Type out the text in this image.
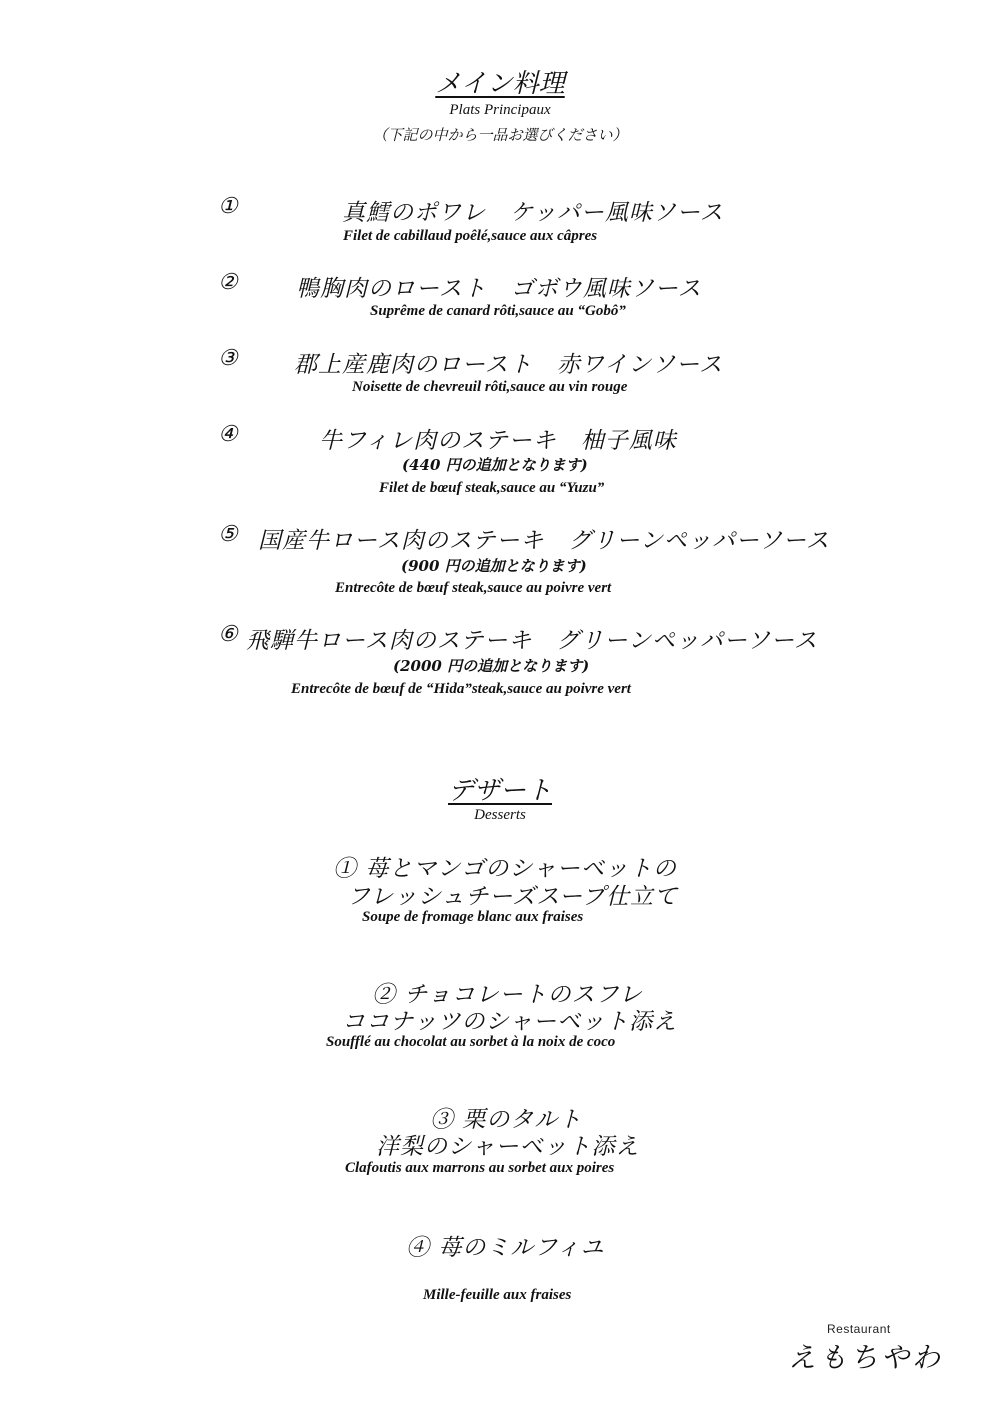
メイン料理
Plats Principaux
（下記の中から一品お選びください）
①	真鱈のポワレ　ケッパー風味ソース
Filet de cabillaud poêlé,sauce aux câpres
②	鴨胸肉のロースト　ゴボウ風味ソース
Suprême de canard rôti,sauce au “Gobô”
③ 郡上産鹿肉のロースト　赤ワインソース
Noisette de chevreuil rôti,sauce au vin rouge
④	牛フィレ肉のステーキ　柚子風味
(440 円の追加となります)
Filet de bœuf steak,sauce au “Yuzu”
⑤ 国産牛ロース肉のステーキ　グリーンペッパーソース
(900 円の追加となります)
Entrecôte de bœuf steak,sauce au poivre vert
⑥ 飛騨牛ロース肉のステーキ　グリーンペッパーソース
(2000 円の追加となります)
Entrecôte de bœuf de “Hida”steak,sauce au poivre vert
デザート
Desserts
① 苺とマンゴのシャーベットの
フレッシュチーズスープ仕立て
Soupe de fromage blanc aux fraises
② チョコレートのスフレ
ココナッツのシャーベット添え
Soufflé au chocolat au sorbet à la noix de coco
③ 栗のタルト
洋梨のシャーベット添え
Clafoutis aux marrons au sorbet aux poires
④ 苺のミルフィユ
Mille-feuille aux fraises
Restaurant
えもちやわ
